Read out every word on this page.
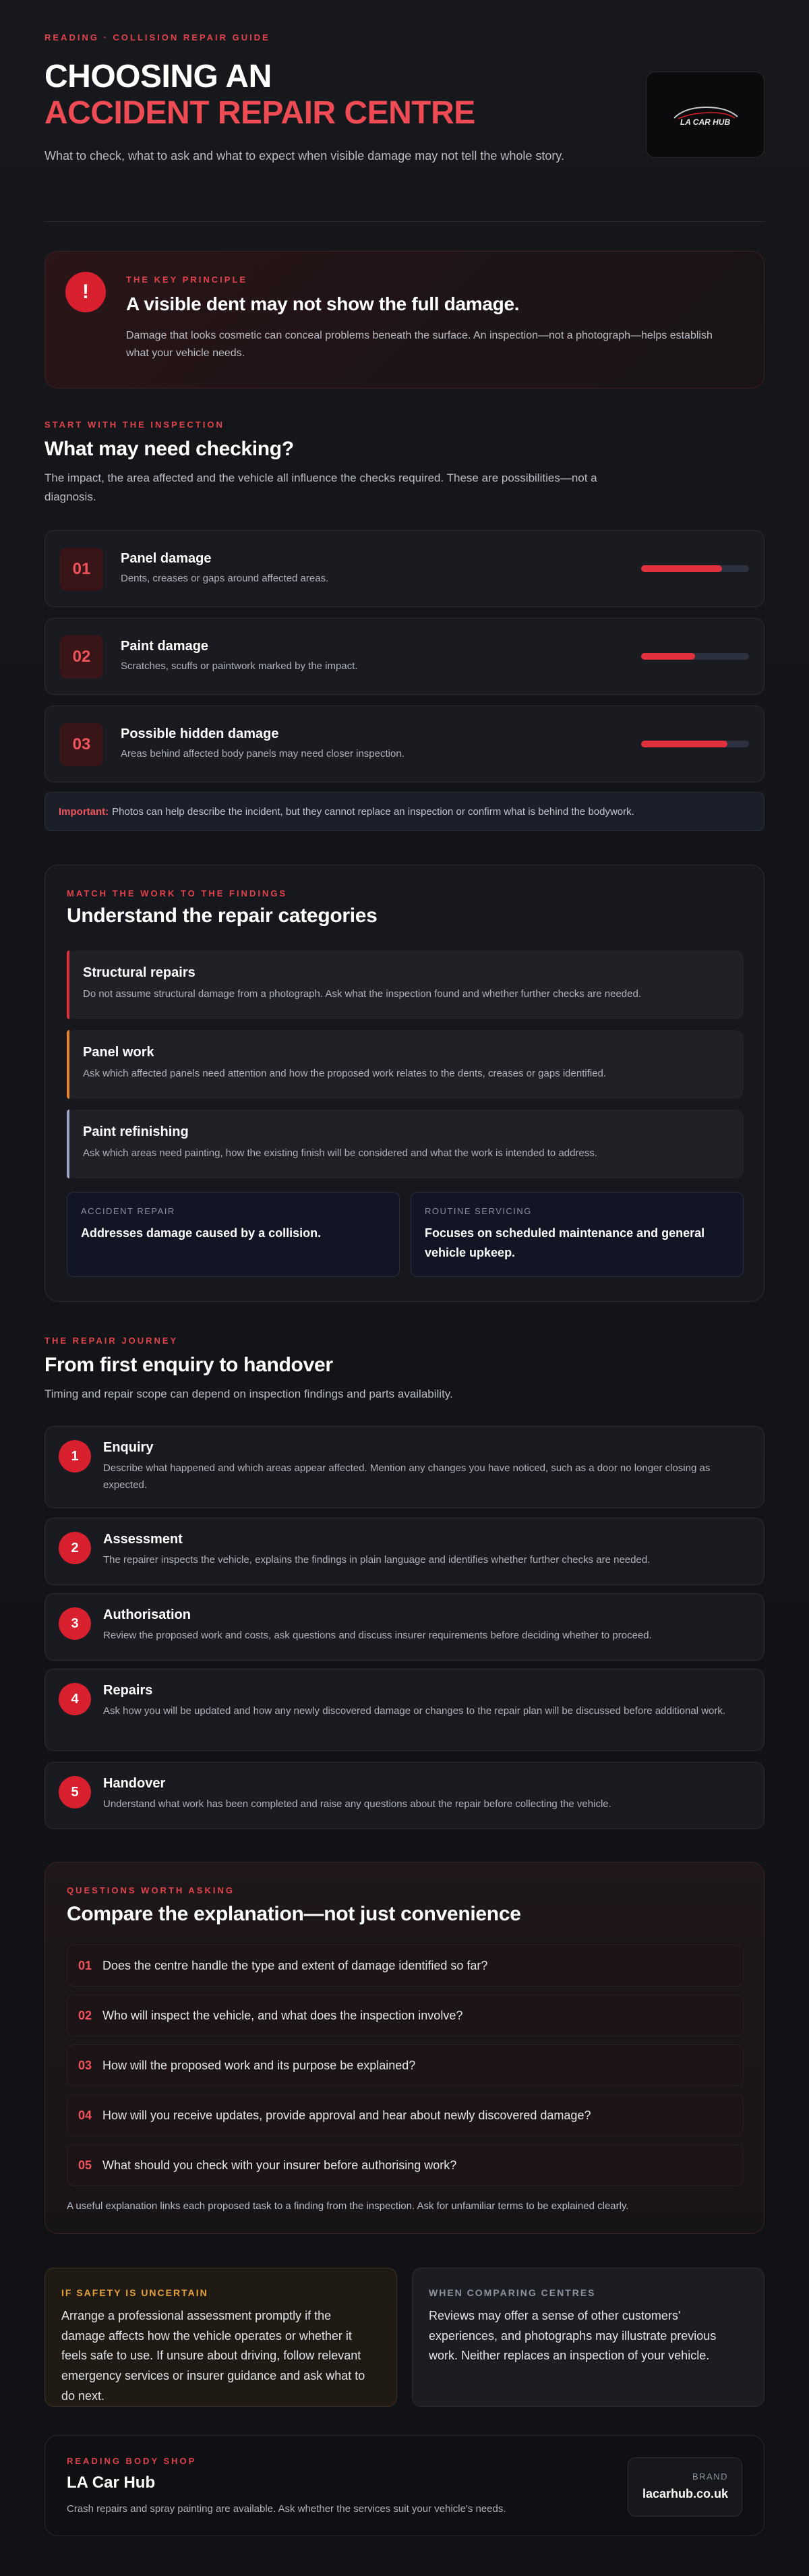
READING · COLLISION REPAIR GUIDE
CHOOSING AN
ACCIDENT REPAIR CENTRE
What to check, what to ask and what to expect when visible damage may not tell the whole story.
LA CAR HUB
!
THE KEY PRINCIPLE
A visible dent may not show the full damage.
Damage that looks cosmetic can conceal problems beneath the surface. An inspection—not a photograph—helps establish what your vehicle needs.
START WITH THE INSPECTION
What may need checking?
The impact, the area affected and the vehicle all influence the checks required. These are possibilities—not a diagnosis.
01
Panel damage
Dents, creases or gaps around affected areas.
02
Paint damage
Scratches, scuffs or paintwork marked by the impact.
03
Possible hidden damage
Areas behind affected body panels may need closer inspection.
Important: Photos can help describe the incident, but they cannot replace an inspection or confirm what is behind the bodywork.
MATCH THE WORK TO THE FINDINGS
Understand the repair categories
Structural repairs
Do not assume structural damage from a photograph. Ask what the inspection found and whether further checks are needed.
Panel work
Ask which affected panels need attention and how the proposed work relates to the dents, creases or gaps identified.
Paint refinishing
Ask which areas need painting, how the existing finish will be considered and what the work is intended to address.
ACCIDENT REPAIR
Addresses damage caused by a collision.
ROUTINE SERVICING
Focuses on scheduled maintenance and general vehicle upkeep.
THE REPAIR JOURNEY
From first enquiry to handover
Timing and repair scope can depend on inspection findings and parts availability.
1
Enquiry
Describe what happened and which areas appear affected. Mention any changes you have noticed, such as a door no longer closing as expected.
2
Assessment
The repairer inspects the vehicle, explains the findings in plain language and identifies whether further checks are needed.
3
Authorisation
Review the proposed work and costs, ask questions and discuss insurer requirements before deciding whether to proceed.
4
Repairs
Ask how you will be updated and how any newly discovered damage or changes to the repair plan will be discussed before additional work.
5
Handover
Understand what work has been completed and raise any questions about the repair before collecting the vehicle.
QUESTIONS WORTH ASKING
Compare the explanation—not just convenience
01 Does the centre handle the type and extent of damage identified so far?
02 Who will inspect the vehicle, and what does the inspection involve?
03 How will the proposed work and its purpose be explained?
04 How will you receive updates, provide approval and hear about newly discovered damage?
05 What should you check with your insurer before authorising work?
A useful explanation links each proposed task to a finding from the inspection. Ask for unfamiliar terms to be explained clearly.
IF SAFETY IS UNCERTAIN
Arrange a professional assessment promptly if the damage affects how the vehicle operates or whether it feels safe to use. If unsure about driving, follow relevant emergency services or insurer guidance and ask what to do next.
WHEN COMPARING CENTRES
Reviews may offer a sense of other customers' experiences, and photographs may illustrate previous work. Neither replaces an inspection of your vehicle.
READING BODY SHOP
LA Car Hub
Crash repairs and spray painting are available. Ask whether the services suit your vehicle's needs.
BRAND
lacarhub.co.uk
